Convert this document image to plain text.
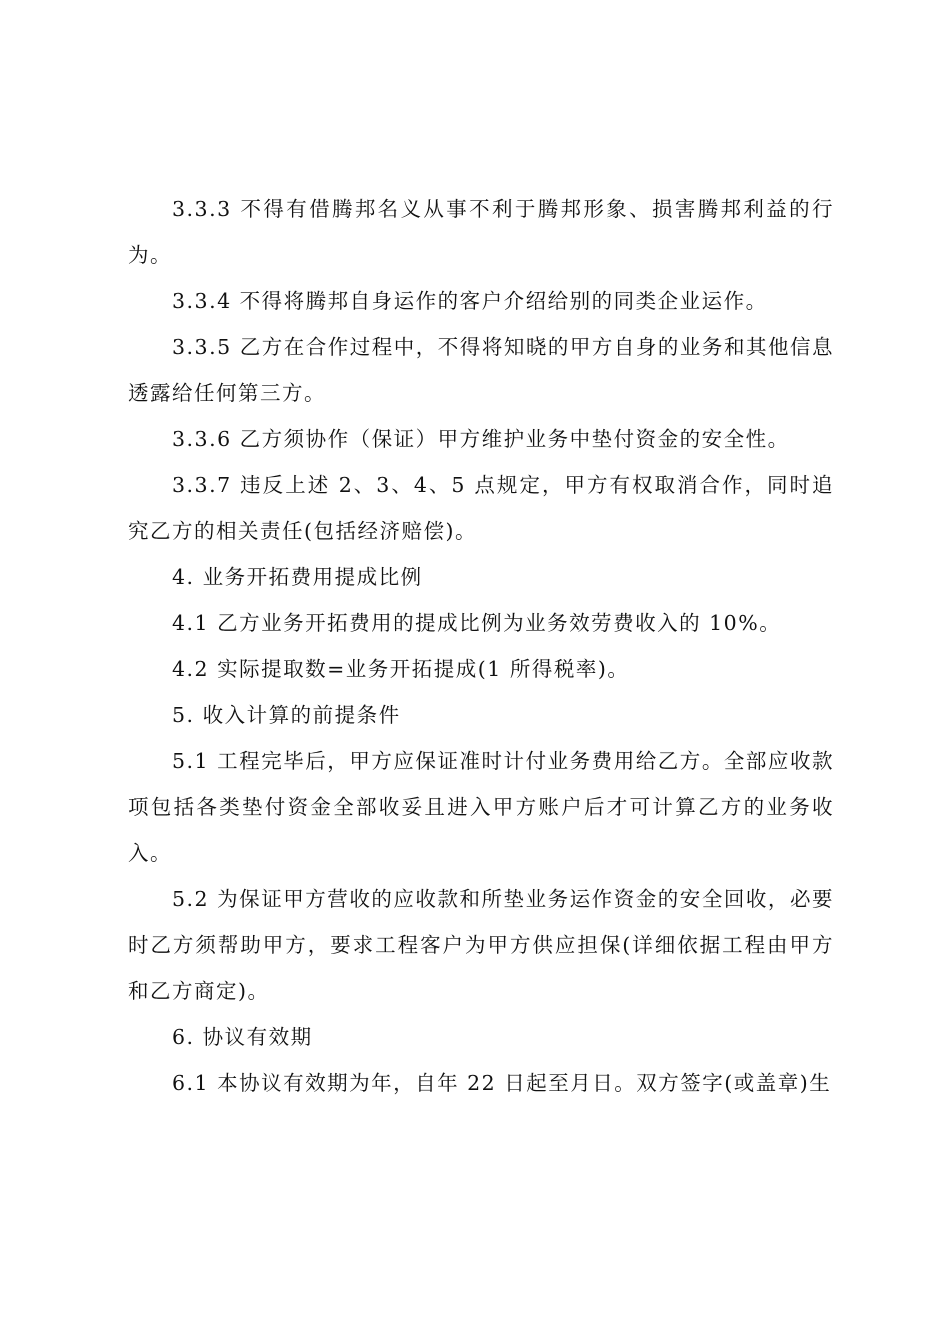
3.3.3 不得有借腾邦名义从事不利于腾邦形象、损害腾邦利益的行为。

3.3.4 不得将腾邦自身运作的客户介绍给别的同类企业运作。

3.3.5 乙方在合作过程中，不得将知晓的甲方自身的业务和其他信息透露给任何第三方。

3.3.6 乙方须协作（保证）甲方维护业务中垫付资金的安全性。

3.3.7 违反上述 2、3、4、5 点规定，甲方有权取消合作，同时追究乙方的相关责任(包括经济赔偿)。

4. 业务开拓费用提成比例

4.1 乙方业务开拓费用的提成比例为业务效劳费收入的 10%。

4.2 实际提取数=业务开拓提成(1 所得税率)。

5. 收入计算的前提条件

5.1 工程完毕后，甲方应保证准时计付业务费用给乙方。全部应收款项包括各类垫付资金全部收妥且进入甲方账户后才可计算乙方的业务收入。

5.2 为保证甲方营收的应收款和所垫业务运作资金的安全回收，必要时乙方须帮助甲方，要求工程客户为甲方供应担保(详细依据工程由甲方和乙方商定)。

6. 协议有效期

6.1 本协议有效期为年，自年 22 日起至月日。双方签字(或盖章)生
